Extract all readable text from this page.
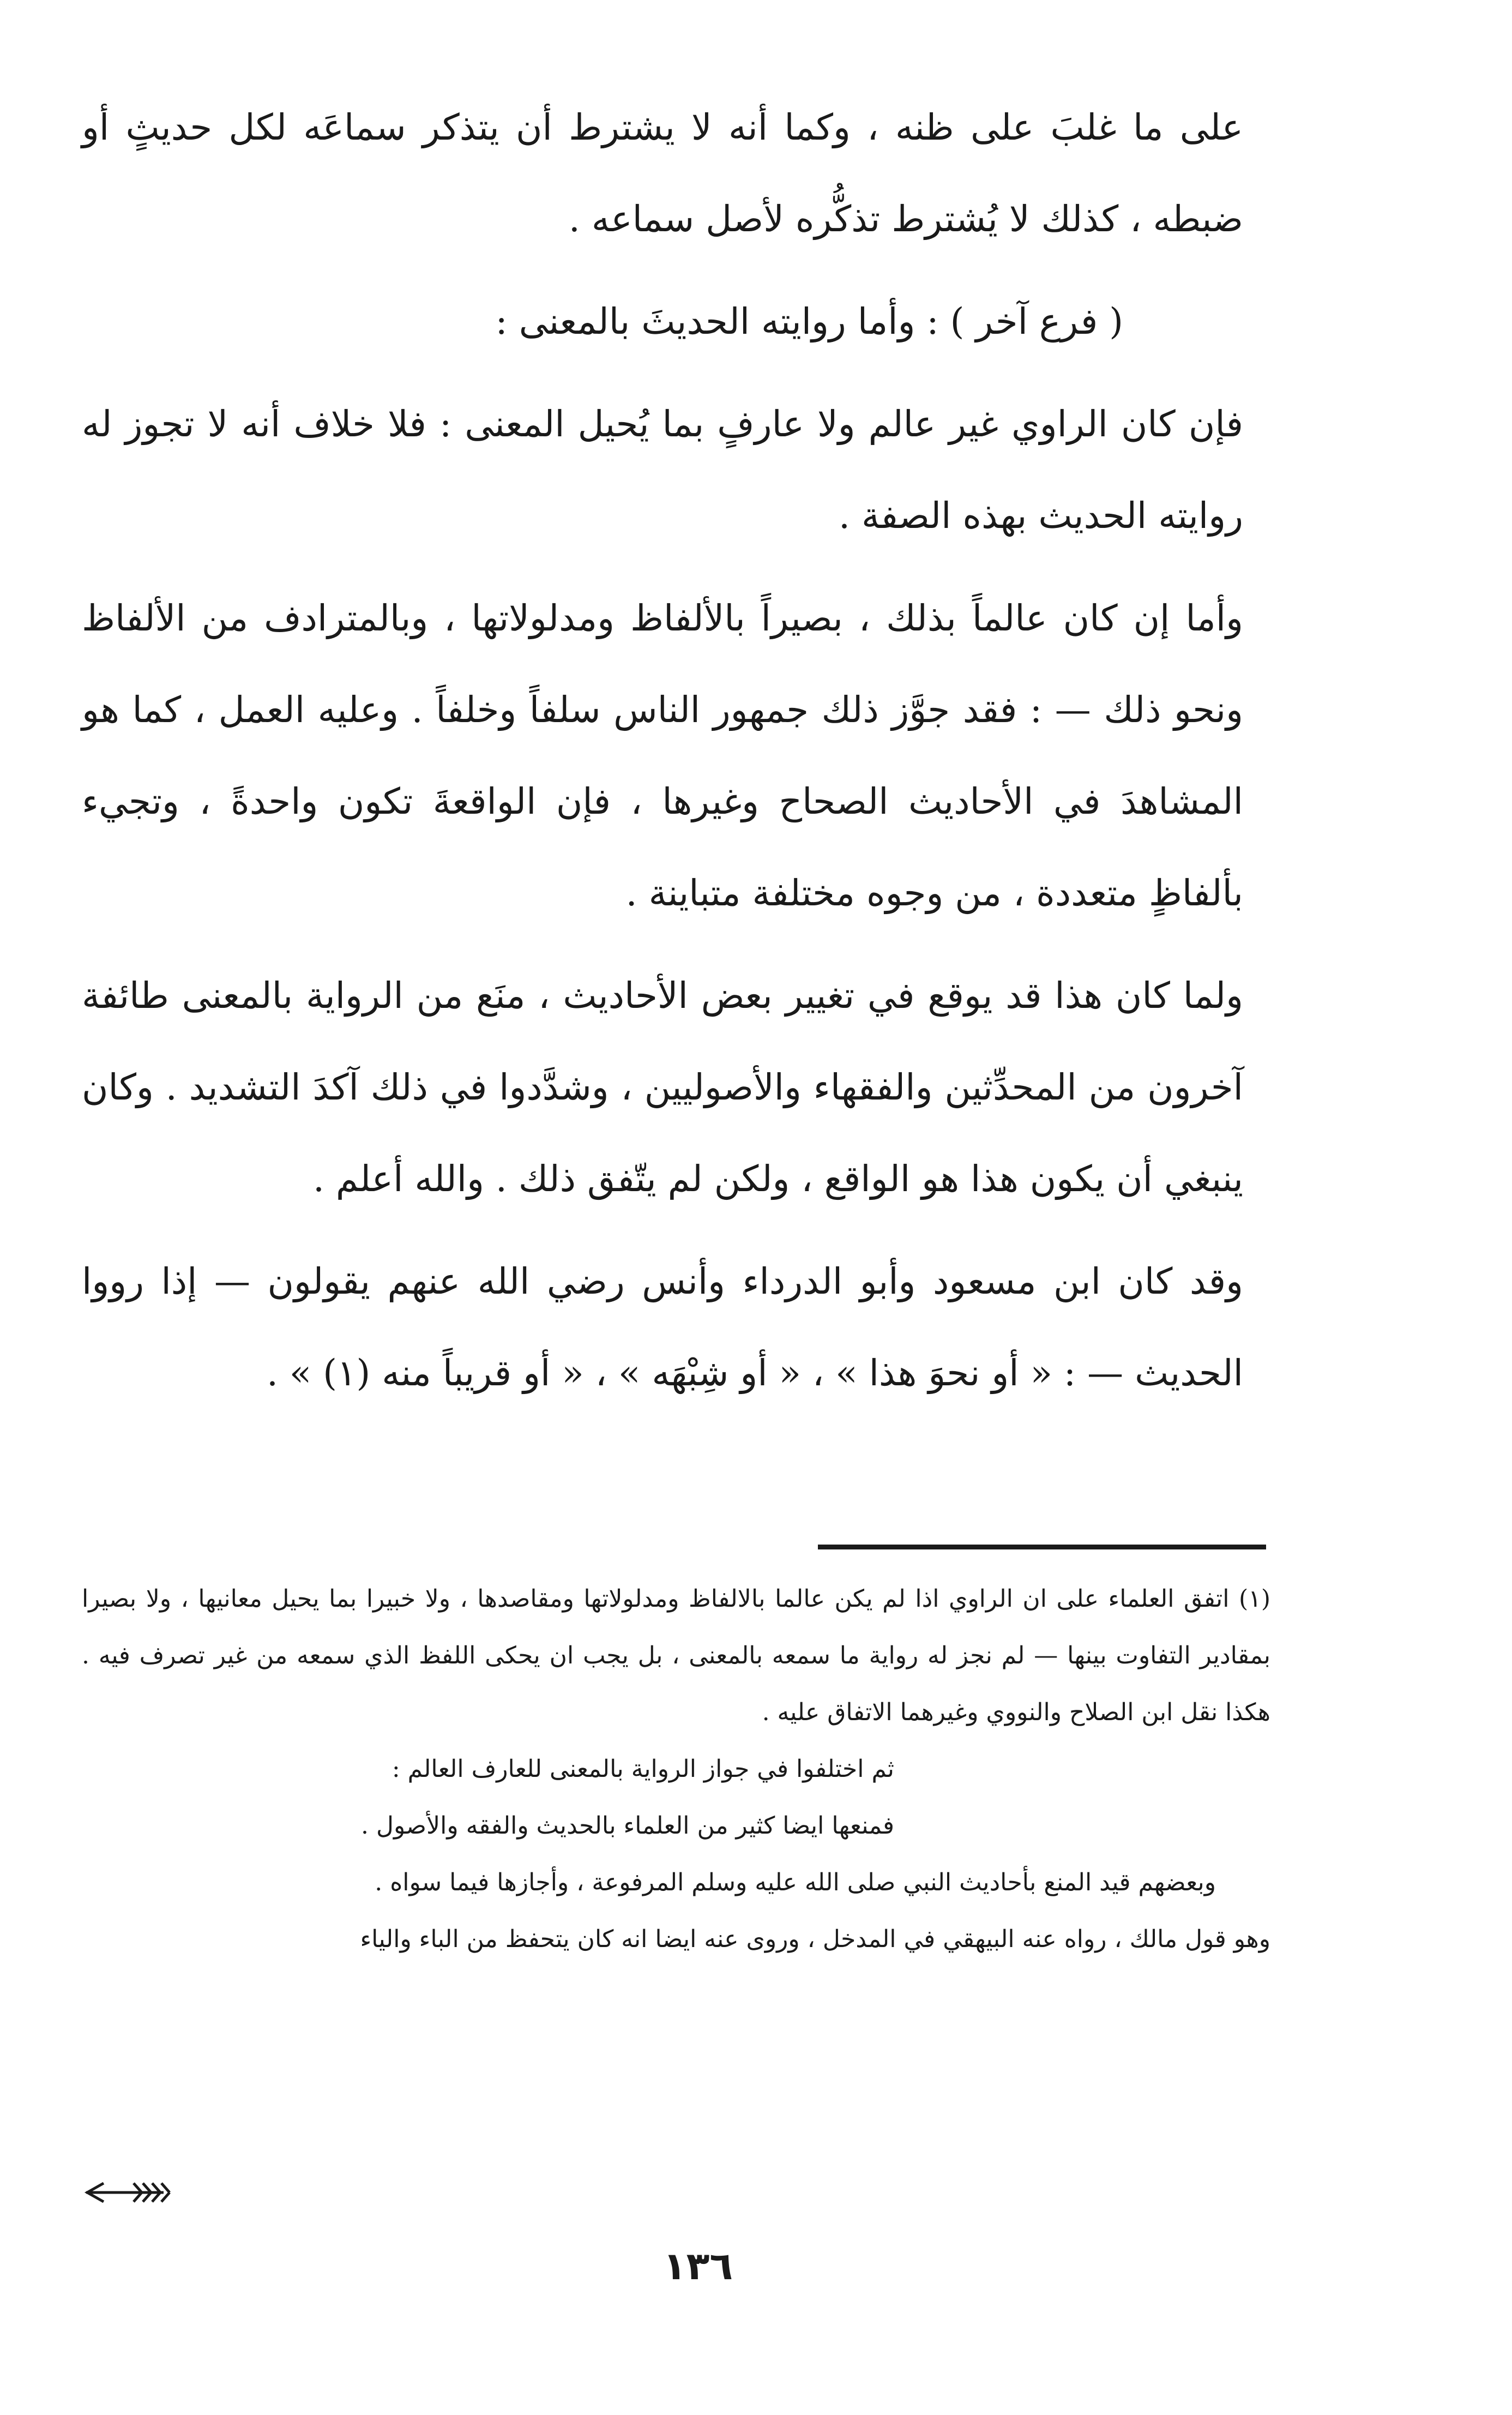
على ما غلبَ على ظنه ، وكما أنه لا يشترط أن يتذكر سماعَه لكل حديثٍ أو ضبطه ، كذلك لا يُشترط تذكُّره لأصل سماعه .

( فرع آخر ) : وأما روايته الحديثَ بالمعنى :

فإن كان الراوي غير عالم ولا عارفٍ بما يُحيل المعنى : فلا خلاف أنه لا تجوز له روايته الحديث بهذه الصفة .

وأما إن كان عالماً بذلك ، بصيراً بالألفاظ ومدلولاتها ، وبالمترادف من الألفاظ ونحو ذلك — : فقد جوَّز ذلك جمهور الناس سلفاً وخلفاً . وعليه العمل ، كما هو المشاهدَ في الأحاديث الصحاح وغيرها ، فإن الواقعةَ تكون واحدةً ، وتجيء بألفاظٍ متعددة ، من وجوه مختلفة متباينة .

ولما كان هذا قد يوقع في تغيير بعض الأحاديث ، منَع من الرواية بالمعنى طائفة آخرون من المحدِّثين والفقهاء والأصوليين ، وشدَّدوا في ذلك آكدَ التشديد . وكان ينبغي أن يكون هذا هو الواقع ، ولكن لم يتّفق ذلك . والله أعلم .

وقد كان ابن مسعود وأبو الدرداء وأنس رضي الله عنهم يقولون — إذا رووا الحديث — : « أو نحوَ هذا » ، « أو شِبْهَه » ، « أو قريباً منه (١) » .

(١) اتفق العلماء على ان الراوي اذا لم يكن عالما بالالفاظ ومدلولاتها ومقاصدها ، ولا خبيرا بما يحيل معانيها ، ولا بصيرا بمقادير التفاوت بينها — لم نجز له رواية ما سمعه بالمعنى ، بل يجب ان يحكى اللفظ الذي سمعه من غير تصرف فيه . هكذا نقل ابن الصلاح والنووي وغيرهما الاتفاق عليه .

ثم اختلفوا في جواز الرواية بالمعنى للعارف العالم :

فمنعها ايضا كثير من العلماء بالحديث والفقه والأصول .

وبعضهم قيد المنع بأحاديث النبي صلى الله عليه وسلم المرفوعة ، وأجازها فيما سواه .

وهو قول مالك ، رواه عنه البيهقي في المدخل ، وروى عنه ايضا انه كان يتحفظ من الباء والياء

١٣٦
